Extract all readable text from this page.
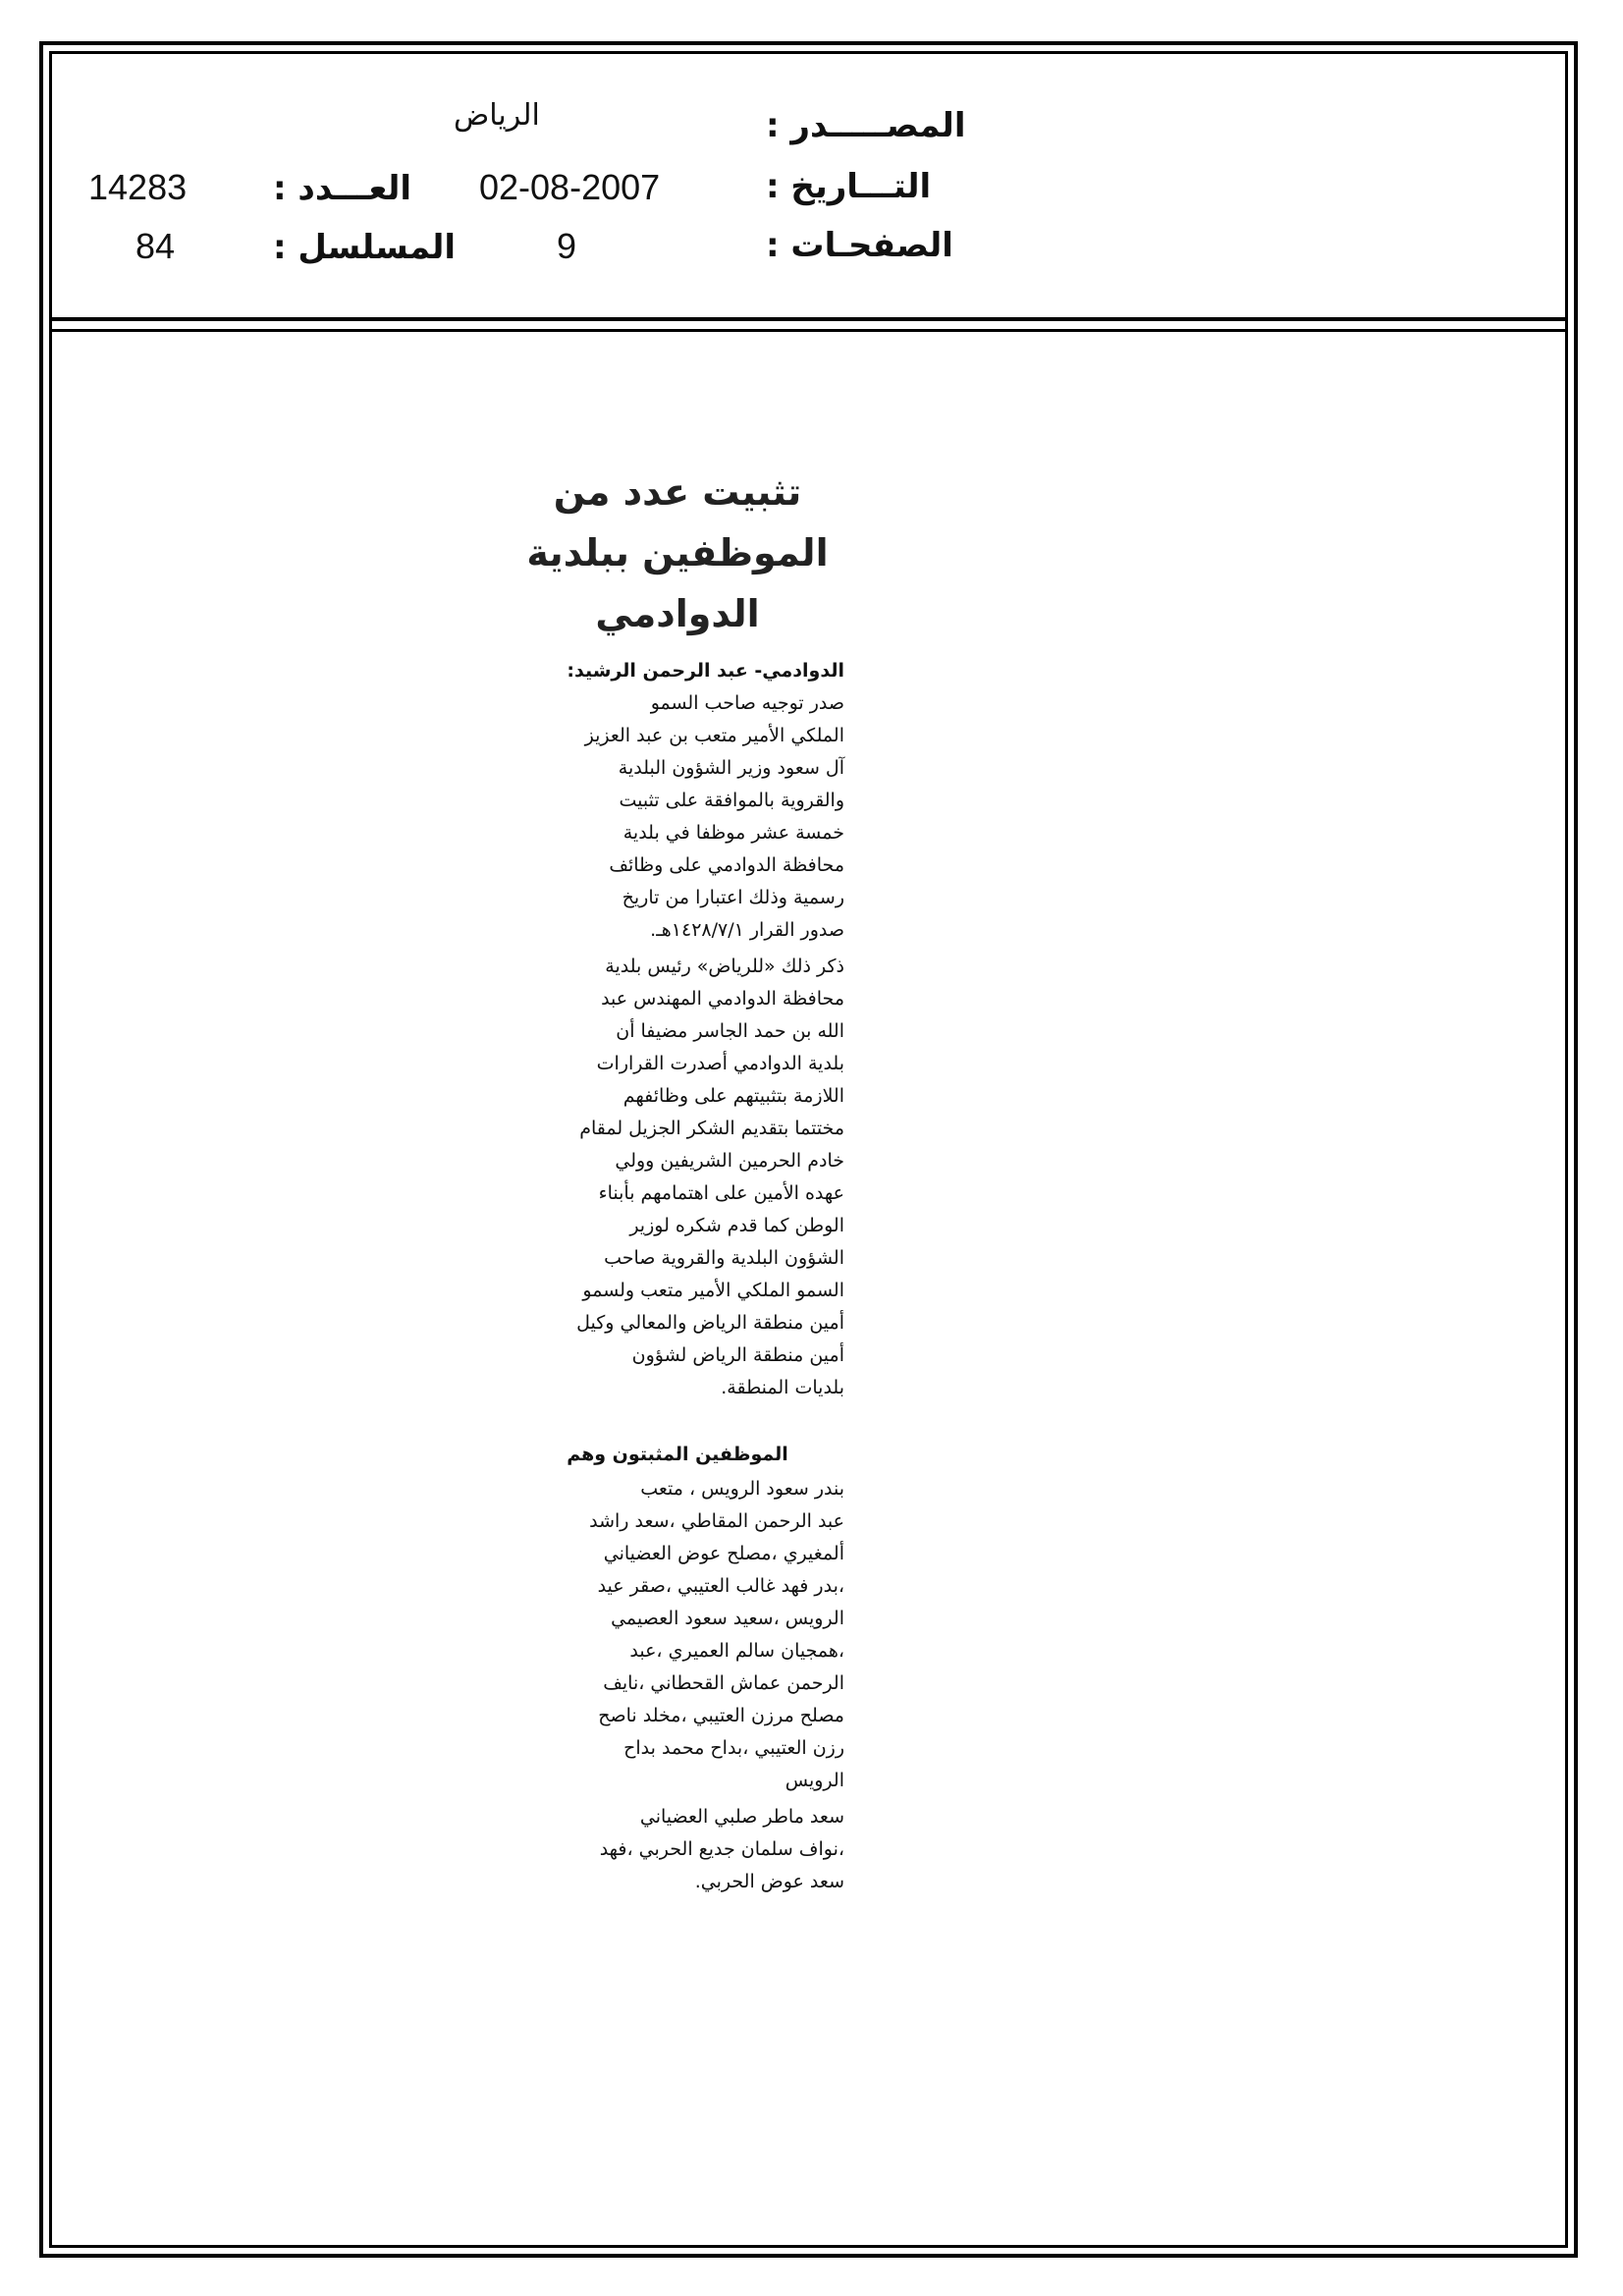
المصـــــدر :
الرياض
التـــاريخ :
02-08-2007
العـــدد :
14283
الصفحـات :
9
المسلسل :
84
تثبيت عدد من
الموظفين ببلدية
الدوادمي
الدوادمي- عبد الرحمن الرشيد:
صدر توجيه صاحب السمو
الملكي الأمير متعب بن عبد العزيز
آل سعود وزير الشؤون البلدية
والقروية بالموافقة على تثبيت
خمسة عشر موظفا في بلدية
محافظة الدوادمي على وظائف
رسمية وذلك اعتبارا من تاريخ
صدور القرار ١٤٢٨/٧/١هـ.
ذكر ذلك «للرياض» رئيس بلدية
محافظة الدوادمي المهندس عبد
الله بن حمد الجاسر مضيفا أن
بلدية الدوادمي أصدرت القرارات
اللازمة بتثبيتهم على وظائفهم
مختتما بتقديم الشكر الجزيل لمقام
خادم الحرمين الشريفين وولي
عهده الأمين على اهتمامهم بأبناء
الوطن كما قدم شكره لوزير
الشؤون البلدية والقروية صاحب
السمو الملكي الأمير متعب ولسمو
أمين منطقة الرياض والمعالي وكيل
أمين منطقة الرياض لشؤون
بلديات المنطقة.
الموظفين المثبتون وهم
بندر سعود الرويس ، متعب
عبد الرحمن المقاطي ،سعد راشد
ألمغيري ،مصلح عوض العضياني
،بدر فهد غالب العتيبي ،صقر عيد
الرويس ،سعيد سعود العصيمي
،همجيان سالم العميري ،عبد
الرحمن عماش القحطاني ،نايف
مصلح مرزن العتيبي ،مخلد ناصح
رزن العتيبي ،بداح محمد بداح
الرويس
سعد ماطر صلبي العضياني
،نواف سلمان جديع الحربي ،فهد
سعد عوض الحربي.
